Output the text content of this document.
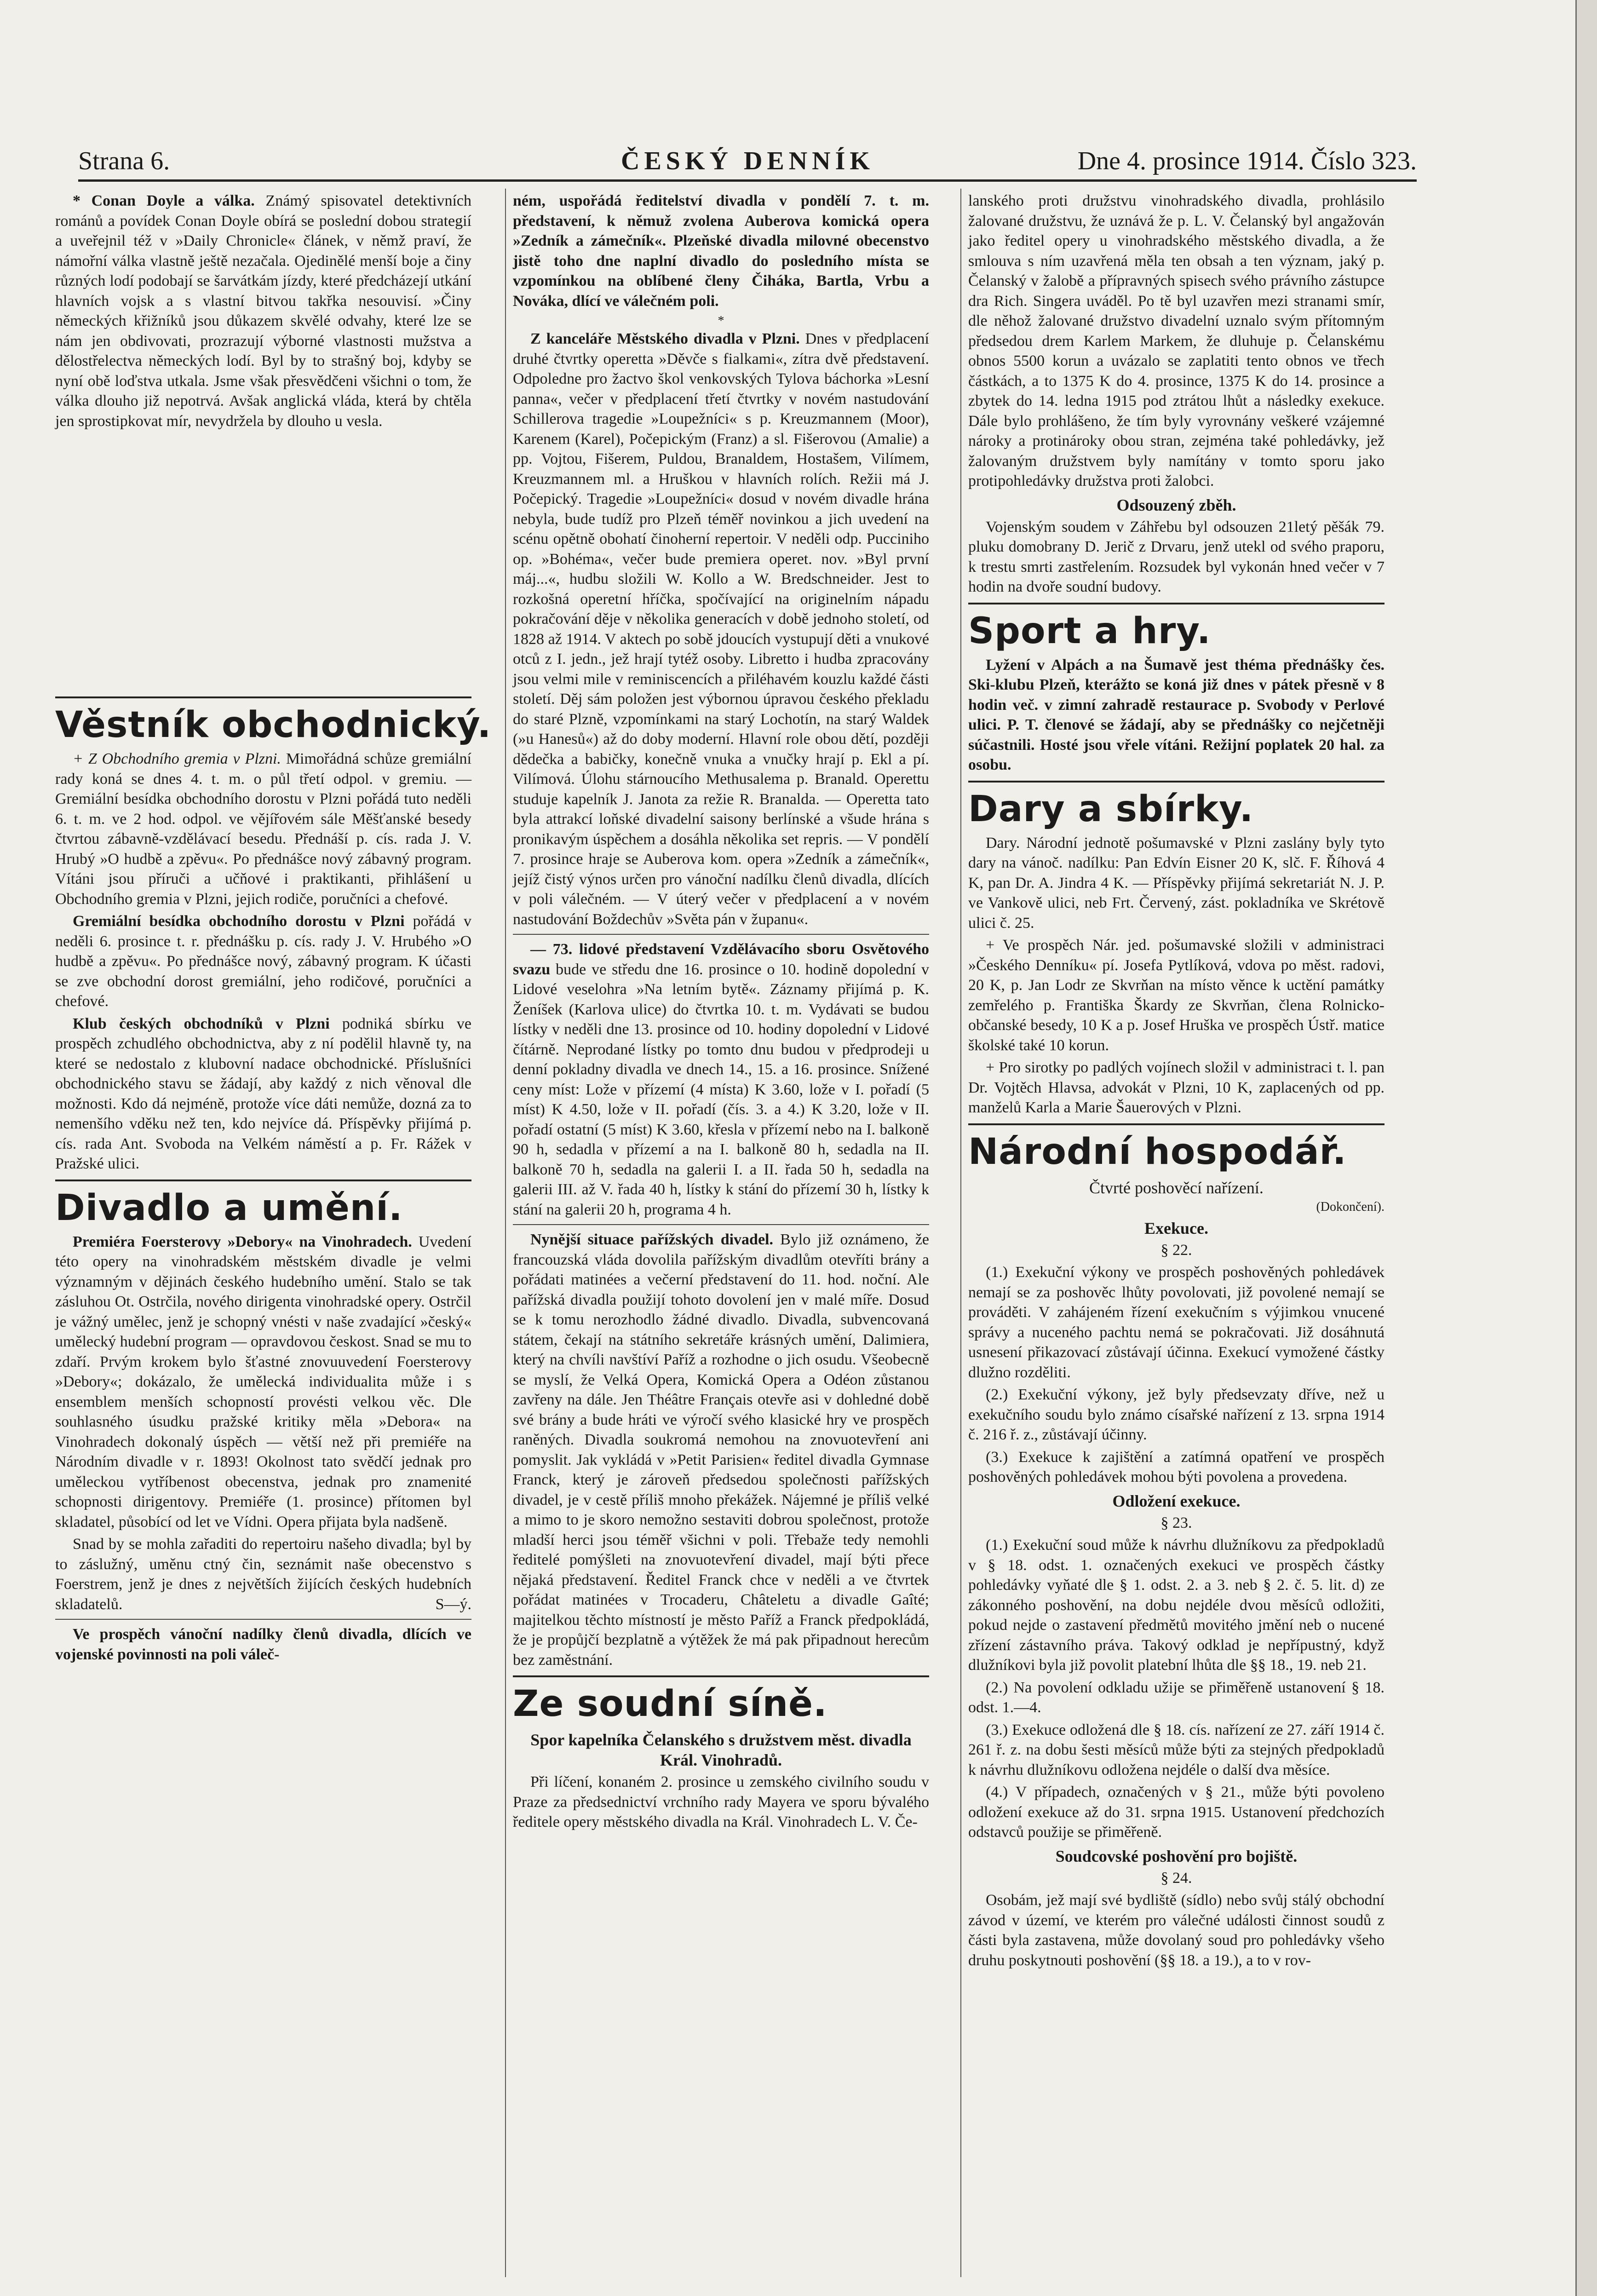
Strana 6.	ČESKÝ DENNÍK	Dne 4. prosince 1914. Číslo 323.

* Conan Doyle a válka. Známý spisovatel detektivních románů a povídek Conan Doyle obírá se poslední dobou strategií a uveřejnil též v »Daily Chronicle« článek, v němž praví, že námořní válka vlastně ještě nezačala. Ojedinělé menší boje a činy různých lodí podobají se šarvátkám jízdy, které předcházejí utkání hlavních vojsk a s vlastní bitvou takřka nesouvisí. »Činy německých křižníků jsou důkazem skvělé odvahy, které lze se nám jen obdivovati, prozrazují výborné vlastnosti mužstva a dělostřelectva německých lodí. Byl by to strašný boj, kdyby se nyní obě loďstva utkala. Jsme však přesvědčeni všichni o tom, že válka dlouho již nepotrvá. Avšak anglická vláda, která by chtěla jen sprostipkovat mír, nevydržela by dlouho u vesla.

Věstník obchodnický.

+ Z Obchodního gremia v Plzni. Mimořádná schůze gremiální rady koná se dnes 4. t. m. o půl třetí odpol. v gremiu. — Gremiální besídka obchodního dorostu v Plzni pořádá tuto neděli 6. t. m. ve 2 hod. odpol. ve vějířovém sále Měšťanské besedy čtvrtou zábavně-vzdělávací besedu. Přednáší p. cís. rada J. V. Hrubý »O hudbě a zpěvu«. Po přednášce nový zábavný program. Vítáni jsou příruči a učňové i praktikanti, přihlášení u Obchodního gremia v Plzni, jejich rodiče, poručníci a chefové.

Gremiální besídka obchodního dorostu v Plzni pořádá v neděli 6. prosince t. r. přednášku p. cís. rady J. V. Hrubého »O hudbě a zpěvu«. Po přednášce nový, zábavný program. K účasti se zve obchodní dorost gremiální, jeho rodičové, poručníci a chefové.

Klub českých obchodníků v Plzni podniká sbírku ve prospěch zchudlého obchodnictva, aby z ní podělil hlavně ty, na které se nedostalo z klubovní nadace obchodnické. Příslušníci obchodnického stavu se žádají, aby každý z nich věnoval dle možnosti. Kdo dá nejméně, protože více dáti nemůže, dozná za to nemenšího vděku než ten, kdo nejvíce dá. Příspěvky přijímá p. cís. rada Ant. Svoboda na Velkém náměstí a p. Fr. Rážek v Pražské ulici.

Divadlo a umění.

Premiéra Foersterovy »Debory« na Vinohradech. Uvedení této opery na vinohradském městském divadle je velmi významným v dějinách českého hudebního umění. Stalo se tak zásluhou Ot. Ostrčila, nového dirigenta vinohradské opery. Ostrčil je vážný umělec, jenž je schopný vnésti v naše zvadající »český« umělecký hudební program — opravdovou českost. Snad se mu to zdaří. Prvým krokem bylo šťastné znovuuvedení Foersterovy »Debory«; dokázalo, že umělecká individualita může i s ensemblem menších schopností provésti velkou věc. Dle souhlasného úsudku pražské kritiky měla »Debora« na Vinohradech dokonalý úspěch — větší než při premiéře na Národním divadle v r. 1893! Okolnost tato svědčí jednak pro uměleckou vytříbenost obecenstva, jednak pro znamenité schopnosti dirigentovy. Premiéře (1. prosince) přítomen byl skladatel, působící od let ve Vídni. Opera přijata byla nadšeně.

Snad by se mohla zařaditi do repertoiru našeho divadla; byl by to záslužný, uměnu ctný čin, seznámit naše obecenstvo s Foerstrem, jenž je dnes z největších žijících českých hudebních skladatelů.	S—ý.

Ve prospěch vánoční nadílky členů divadla, dlících ve vojenské povinnosti na poli váleč-

ném, uspořádá ředitelství divadla v pondělí 7. t. m. představení, k němuž zvolena Auberova komická opera »Zedník a zámečník«. Plzeňské divadla milovné obecenstvo jistě toho dne naplní divadlo do posledního místa se vzpomínkou na oblíbené členy Čiháka, Bartla, Vrbu a Nováka, dlící ve válečném poli.

*

Z kanceláře Městského divadla v Plzni. Dnes v předplacení druhé čtvrtky operetta »Děvče s fialkami«, zítra dvě představení. Odpoledne pro žactvo škol venkovských Tylova báchorka »Lesní panna«, večer v předplacení třetí čtvrtky v novém nastudování Schillerova tragedie »Loupežníci« s p. Kreuzmannem (Moor), Karenem (Karel), Počepickým (Franz) a sl. Fišerovou (Amalie) a pp. Vojtou, Fišerem, Puldou, Branaldem, Hostašem, Vilímem, Kreuzmannem ml. a Hruškou v hlavních rolích. Režii má J. Počepický. Tragedie »Loupežníci« dosud v novém divadle hrána nebyla, bude tudíž pro Plzeň téměř novinkou a jich uvedení na scénu opětně obohatí činoherní repertoir. V neděli odp. Pucciniho op. »Bohéma«, večer bude premiera operet. nov. »Byl první máj...«, hudbu složili W. Kollo a W. Bredschneider. Jest to rozkošná operetní hříčka, spočívající na originelním nápadu pokračování děje v několika generacích v době jednoho století, od 1828 až 1914. V aktech po sobě jdoucích vystupují děti a vnukové otců z I. jedn., jež hrají tytéž osoby. Libretto i hudba zpracovány jsou velmi mile v reminiscencích a přiléhavém kouzlu každé části století. Děj sám položen jest výbornou úpravou českého překladu do staré Plzně, vzpomínkami na starý Lochotín, na starý Waldek (»u Hanesů«) až do doby moderní. Hlavní role obou dětí, později dědečka a babičky, konečně vnuka a vnučky hrají p. Ekl a pí. Vilímová. Úlohu stárnoucího Methusalema p. Branald. Operettu studuje kapelník J. Janota za režie R. Branalda. — Operetta tato byla attrakcí loňské divadelní saisony berlínské a všude hrána s pronikavým úspěchem a dosáhla několika set repris. — V pondělí 7. prosince hraje se Auberova kom. opera »Zedník a zámečník«, jejíž čistý výnos určen pro vánoční nadílku členů divadla, dlících v poli válečném. — V úterý večer v předplacení a v novém nastudování Boždechův »Světa pán v županu«.

— 73. lidové představení Vzdělávacího sboru Osvětového svazu bude ve středu dne 16. prosince o 10. hodině dopolední v Lidové veselohra »Na letním bytě«. Záznamy přijímá p. K. Ženíšek (Karlova ulice) do čtvrtka 10. t. m. Vydávati se budou lístky v neděli dne 13. prosince od 10. hodiny dopolední v Lidové čítárně. Neprodané lístky po tomto dnu budou v předprodeji u denní pokladny divadla ve dnech 14., 15. a 16. prosince. Snížené ceny míst: Lože v přízemí (4 místa) K 3.60, lože v I. pořadí (5 míst) K 4.50, lože v II. pořadí (čís. 3. a 4.) K 3.20, lože v II. pořadí ostatní (5 míst) K 3.60, křesla v přízemí nebo na I. balkoně 90 h, sedadla v přízemí a na I. balkoně 80 h, sedadla na II. balkoně 70 h, sedadla na galerii I. a II. řada 50 h, sedadla na galerii III. až V. řada 40 h, lístky k stání do přízemí 30 h, lístky k stání na galerii 20 h, programa 4 h.

Nynější situace pařížských divadel. Bylo již oznámeno, že francouzská vláda dovolila pařížským divadlům otevříti brány a pořádati matinées a večerní představení do 11. hod. noční. Ale pařížská divadla použijí tohoto dovolení jen v malé míře. Dosud se k tomu nerozhodlo žádné divadlo. Divadla, subvencovaná státem, čekají na státního sekretáře krásných umění, Dalimiera, který na chvíli navštíví Paříž a rozhodne o jich osudu. Všeobecně se myslí, že Velká Opera, Komická Opera a Odéon zůstanou zavřeny na dále. Jen Théâtre Français otevře asi v dohledné době své brány a bude hráti ve výročí svého klasické hry ve prospěch raněných. Divadla soukromá nemohou na znovuotevření ani pomyslit. Jak vykládá v »Petit Parisien« ředitel divadla Gymnase Franck, který je zároveň předsedou společnosti pařížských divadel, je v cestě příliš mnoho překážek. Nájemné je příliš velké a mimo to je skoro nemožno sestaviti dobrou společnost, protože mladší herci jsou téměř všichni v poli. Třebaže tedy nemohli ředitelé pomýšleti na znovuotevření divadel, mají býti přece nějaká představení. Ředitel Franck chce v neděli a ve čtvrtek pořádat matinées v Trocaderu, Châteletu a divadle Gaîté; majitelkou těchto místností je město Paříž a Franck předpokládá, že je propůjčí bezplatně a výtěžek že má pak připadnout herecům bez zaměstnání.

Ze soudní síně.
Spor kapelníka Čelanského s družstvem měst. divadla Král. Vinohradů.

Při líčení, konaném 2. prosince u zemského civilního soudu v Praze za předsednictví vrchního rady Mayera ve sporu bývalého ředitele opery městského divadla na Král. Vinohradech L. V. Če-

lanského proti družstvu vinohradského divadla, prohlásilo žalované družstvu, že uznává že p. L. V. Čelanský byl angažován jako ředitel opery u vinohradského městského divadla, a že smlouva s ním uzavřená měla ten obsah a ten význam, jaký p. Čelanský v žalobě a přípravných spisech svého právního zástupce dra Rich. Singera uváděl. Po tě byl uzavřen mezi stranami smír, dle něhož žalované družstvo divadelní uznalo svým přítomným předsedou drem Karlem Markem, že dluhuje p. Čelanskému obnos 5500 korun a uvázalo se zaplatiti tento obnos ve třech částkách, a to 1375 K do 4. prosince, 1375 K do 14. prosince a zbytek do 14. ledna 1915 pod ztrátou lhůt a následky exekuce. Dále bylo prohlášeno, že tím byly vyrovnány veškeré vzájemné nároky a protinároky obou stran, zejména také pohledávky, jež žalovaným družstvem byly namítány v tomto sporu jako protipohledávky družstva proti žalobci.

Odsouzený zběh.

Vojenským soudem v Záhřebu byl odsouzen 21letý pěšák 79. pluku domobrany D. Jerič z Drvaru, jenž utekl od svého praporu, k trestu smrti zastřelením. Rozsudek byl vykonán hned večer v 7 hodin na dvoře soudní budovy.

Sport a hry.

Lyžení v Alpách a na Šumavě jest théma přednášky čes. Ski-klubu Plzeň, kterážto se koná již dnes v pátek přesně v 8 hodin več. v zimní zahradě restaurace p. Svobody v Perlové ulici. P. T. členové se žádají, aby se přednášky co nejčetněji súčastnili. Hosté jsou vřele vítáni. Režijní poplatek 20 hal. za osobu.

Dary a sbírky.

Dary. Národní jednotě pošumavské v Plzni zaslány byly tyto dary na vánoč. nadílku: Pan Edvín Eisner 20 K, slč. F. Říhová 4 K, pan Dr. A. Jindra 4 K. — Příspěvky přijímá sekretariát N. J. P. ve Vankově ulici, neb Frt. Červený, zást. pokladníka ve Skrétově ulici č. 25.

+ Ve prospěch Nár. jed. pošumavské složili v administraci »Českého Denníku« pí. Josefa Pytlíková, vdova po měst. radovi, 20 K, p. Jan Lodr ze Skvrňan na místo věnce k uctění památky zemřelého p. Františka Škardy ze Skvrňan, člena Rolnicko-občanské besedy, 10 K a p. Josef Hruška ve prospěch Ústř. matice školské také 10 korun.

+ Pro sirotky po padlých vojínech složil v administraci t. l. pan Dr. Vojtěch Hlavsa, advokát v Plzni, 10 K, zaplacených od pp. manželů Karla a Marie Šauerových v Plzni.

Národní hospodář.
Čtvrté poshověcí nařízení.

(Dokončení).

Exekuce.

§ 22.

(1.) Exekuční výkony ve prospěch poshověných pohledávek nemají se za poshověc lhůty povolovati, již povolené nemají se prováděti. V zahájeném řízení exekučním s výjimkou vnucené správy a nuceného pachtu nemá se pokračovati. Již dosáhnutá usnesení přikazovací zůstávají účinna. Exekucí vymožené částky dlužno rozděliti.

(2.) Exekuční výkony, jež byly předsevzaty dříve, než u exekučního soudu bylo známo císařské nařízení z 13. srpna 1914 č. 216 ř. z., zůstávají účinny.

(3.) Exekuce k zajištění a zatímná opatření ve prospěch poshověných pohledávek mohou býti povolena a provedena.

Odložení exekuce.

§ 23.

(1.) Exekuční soud může k návrhu dlužníkovu za předpokladů v § 18. odst. 1. označených exekuci ve prospěch částky pohledávky vyňaté dle § 1. odst. 2. a 3. neb § 2. č. 5. lit. d) ze zákonného poshovění, na dobu nejdéle dvou měsíců odložiti, pokud nejde o zastavení předmětů movitého jmění neb o nucené zřízení zástavního práva. Takový odklad je nepřípustný, když dlužníkovi byla již povolit platební lhůta dle §§ 18., 19. neb 21.

(2.) Na povolení odkladu užije se přiměřeně ustanovení § 18. odst. 1.—4.

(3.) Exekuce odložená dle § 18. cís. nařízení ze 27. září 1914 č. 261 ř. z. na dobu šesti měsíců může býti za stejných předpokladů k návrhu dlužníkovu odložena nejdéle o další dva měsíce.

(4.) V případech, označených v § 21., může býti povoleno odložení exekuce až do 31. srpna 1915. Ustanovení předchozích odstavců použije se přiměřeně.

Soudcovské poshovění pro bojiště.

§ 24.

Osobám, jež mají své bydliště (sídlo) nebo svůj stálý obchodní závod v území, ve kterém pro válečné události činnost soudů z části byla zastavena, může dovolaný soud pro pohledávky všeho druhu poskytnouti poshovění (§§ 18. a 19.), a to v rov-
